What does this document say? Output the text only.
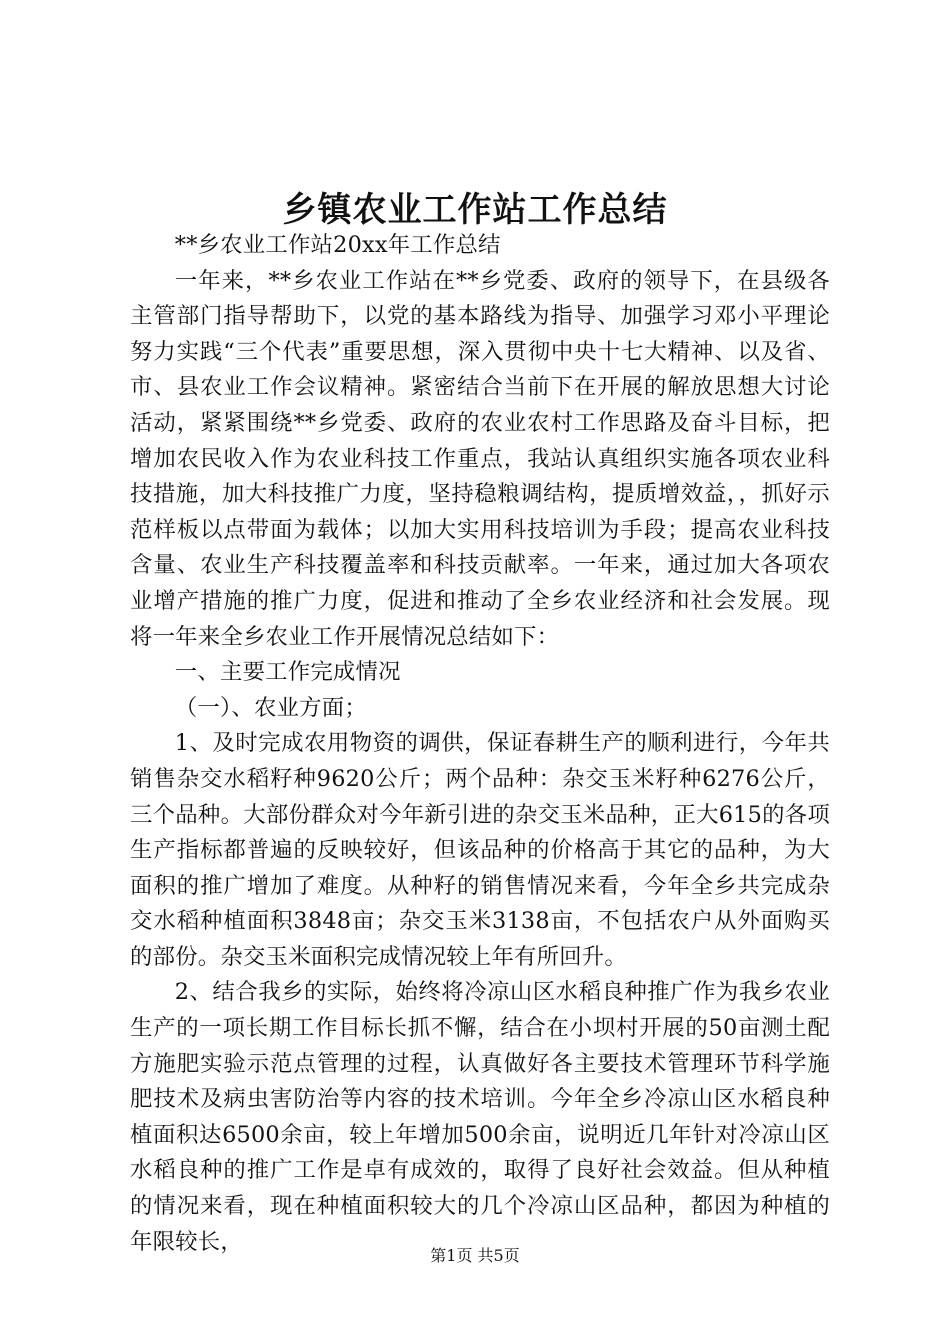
乡镇农业工作站工作总结

**乡农业工作站20xx年工作总结

一年来，**乡农业工作站在**乡党委、政府的领导下，在县级各主管部门指导帮助下，以党的基本路线为指导、加强学习邓小平理论努力实践“三个代表”重要思想，深入贯彻中央十七大精神、以及省、市、县农业工作会议精神。紧密结合当前下在开展的解放思想大讨论活动，紧紧围绕**乡党委、政府的农业农村工作思路及奋斗目标，把增加农民收入作为农业科技工作重点，我站认真组织实施各项农业科技措施，加大科技推广力度，坚持稳粮调结构，提质增效益，，抓好示范样板以点带面为载体；以加大实用科技培训为手段；提高农业科技含量、农业生产科技覆盖率和科技贡献率。一年来，通过加大各项农业增产措施的推广力度，促进和推动了全乡农业经济和社会发展。现将一年来全乡农业工作开展情况总结如下：

一、主要工作完成情况

（一）、农业方面；

1、及时完成农用物资的调供，保证春耕生产的顺利进行，今年共销售杂交水稻籽种9620公斤；两个品种：杂交玉米籽种6276公斤，三个品种。大部份群众对今年新引进的杂交玉米品种，正大615的各项生产指标都普遍的反映较好，但该品种的价格高于其它的品种，为大面积的推广增加了难度。从种籽的销售情况来看，今年全乡共完成杂交水稻种植面积3848亩；杂交玉米3138亩，不包括农户从外面购买的部份。杂交玉米面积完成情况较上年有所回升。

2、结合我乡的实际，始终将冷凉山区水稻良种推广作为我乡农业生产的一项长期工作目标长抓不懈，结合在小坝村开展的50亩测土配方施肥实验示范点管理的过程，认真做好各主要技术管理环节科学施肥技术及病虫害防治等内容的技术培训。今年全乡冷凉山区水稻良种植面积达6500余亩，较上年增加500余亩，说明近几年针对冷凉山区水稻良种的推广工作是卓有成效的，取得了良好社会效益。但从种植的情况来看，现在种植面积较大的几个冷凉山区品种，都因为种植的年限较长，

第1页 共5页
